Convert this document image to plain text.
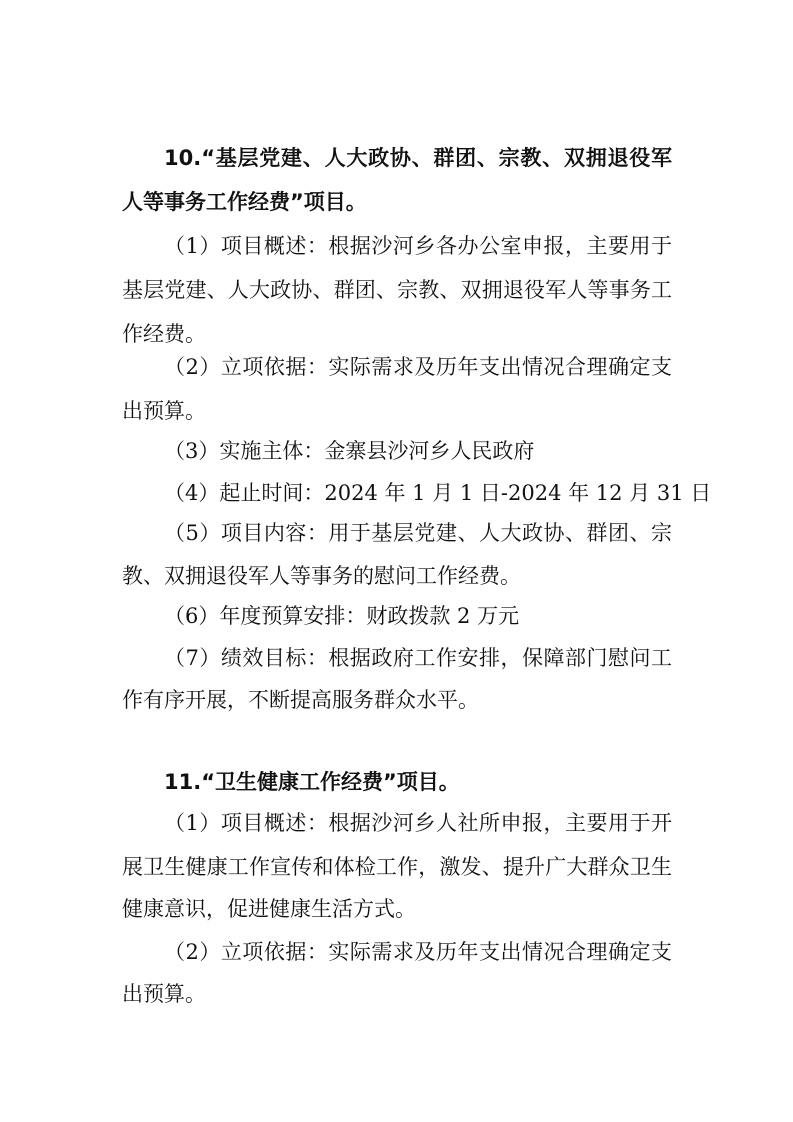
10.“基层党建、人大政协、群团、宗教、双拥退役军
人等事务工作经费”项目。
（1）项目概述：根据沙河乡各办公室申报，主要用于
基层党建、人大政协、群团、宗教、双拥退役军人等事务工
作经费。
（2）立项依据：实际需求及历年支出情况合理确定支
出预算。
（3）实施主体：金寨县沙河乡人民政府
（4）起止时间：2024 年 1 月 1 日-2024 年 12 月 31 日
（5）项目内容：用于基层党建、人大政协、群团、宗
教、双拥退役军人等事务的慰问工作经费。
（6）年度预算安排：财政拨款 2 万元
（7）绩效目标：根据政府工作安排，保障部门慰问工
作有序开展，不断提高服务群众水平。
11.“卫生健康工作经费”项目。
（1）项目概述：根据沙河乡人社所申报，主要用于开
展卫生健康工作宣传和体检工作，激发、提升广大群众卫生
健康意识，促进健康生活方式。
（2）立项依据：实际需求及历年支出情况合理确定支
出预算。
